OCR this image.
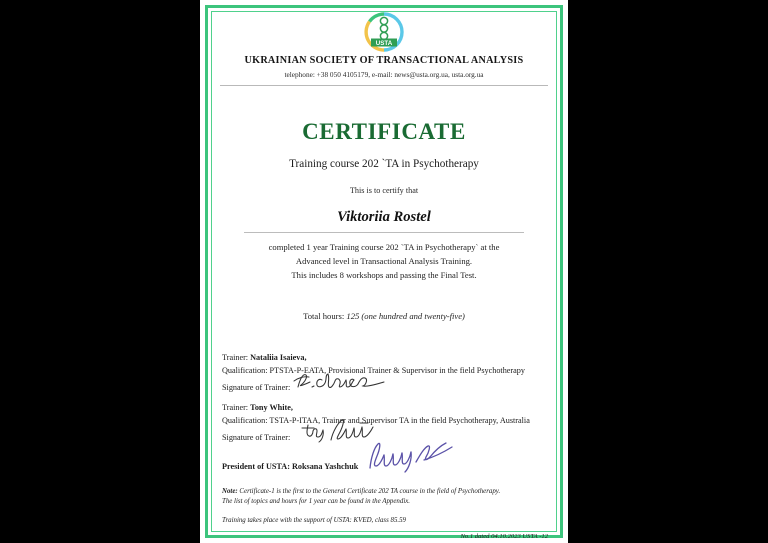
USTA
UKRAINIAN SOCIETY OF TRANSACTIONAL ANALYSIS
telephone: +38 050 4105179, e-mail: news@usta.org.ua, usta.org.ua
CERTIFICATE
Training course 202 `TA in Psychotherapy
This is to certify that
Viktoriia Rostel
completed 1 year Training course 202 `TA in Psychotherapy` at the
Advanced level in Transactional Analysis Training.
This includes 8 workshops and passing the Final Test.
Total hours: 125 (one hundred and twenty-five)
Trainer: Nataliia Isaieva,
Qualification: PTSTA-P-EATA, Provisional Trainer & Supervisor in the field Psychotherapy
Signature of Trainer:
Trainer: Tony White,
Qualification: TSTA-P-ITAA, Trainer and Supervisor TA in the field Psychotherapy, Australia
Signature of Trainer:
President of USTA: Roksana Yashchuk
Note: Certificate-1 is the first to the General Certificate 202 TA course in the field of Psychotherapy.
The list of topics and hours for 1 year can be found in the Appendix.
Training takes place with the support of USTA: KVED, class 85.59
No.1 dated 04.10.2023 USTA -12
